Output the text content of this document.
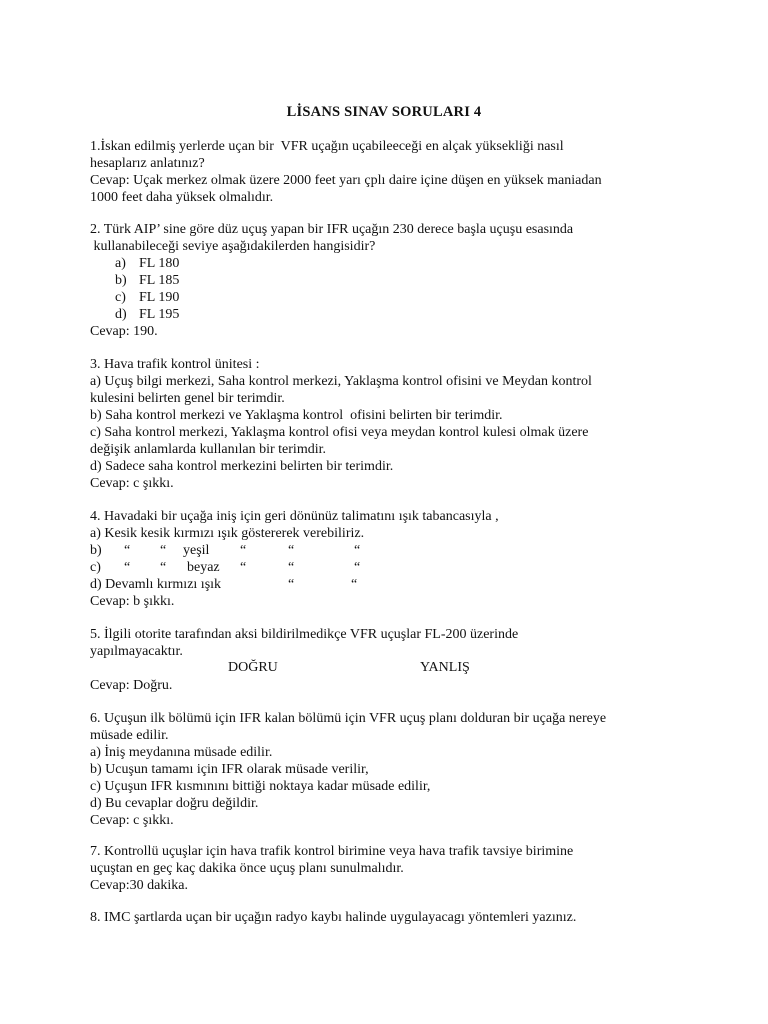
LİSANS SINAV SORULARI 4
1.İskan edilmiş yerlerde uçan bir  VFR uçağın uçabileeceği en alçak yüksekliği nasıl
hesaplarız anlatınız?
Cevap: Uçak merkez olmak üzere 2000 feet yarı çplı daire içine düşen en yüksek maniadan
1000 feet daha yüksek olmalıdır.
2. Türk AIP’ sine göre düz uçuş yapan bir IFR uçağın 230 derece başla uçuşu esasında
kullanabileceği seviye aşağıdakilerden hangisidir?
a) FL 180
b) FL 185
c) FL 190
d) FL 195
Cevap: 190.
3. Hava trafik kontrol ünitesi :
a) Uçuş bilgi merkezi, Saha kontrol merkezi, Yaklaşma kontrol ofisini ve Meydan kontrol
kulesini belirten genel bir terimdir.
b) Saha kontrol merkezi ve Yaklaşma kontrol  ofisini belirten bir terimdir.
c) Saha kontrol merkezi, Yaklaşma kontrol ofisi veya meydan kontrol kulesi olmak üzere
değişik anlamlarda kullanılan bir terimdir.
d) Sadece saha kontrol merkezini belirten bir terimdir.
Cevap: c şıkkı.
4. Havadaki bir uçağa iniş için geri dönünüz talimatını ışık tabancasıyla ,
a) Kesik kesik kırmızı ışık göstererek verebiliriz.
b) “ “ yeşil “	“	“
c) “ “ beyaz “	“	“
d) Devamlı kırmızı ışık	“	“
Cevap: b şıkkı.
5. İlgili otorite tarafından aksi bildirilmedikçe VFR uçuşlar FL-200 üzerinde
yapılmayacaktır.
DOĞRU	YANLIŞ
Cevap: Doğru.
6. Uçuşun ilk bölümü için IFR kalan bölümü için VFR uçuş planı dolduran bir uçağa nereye
müsade edilir.
a) İniş meydanına müsade edilir.
b) Ucuşun tamamı için IFR olarak müsade verilir,
c) Uçuşun IFR kısmınını bittiği noktaya kadar müsade edilir,
d) Bu cevaplar doğru değildir.
Cevap: c şıkkı.
7. Kontrollü uçuşlar için hava trafik kontrol birimine veya hava trafik tavsiye birimine
uçuştan en geç kaç dakika önce uçuş planı sunulmalıdır.
Cevap:30 dakika.
8. IMC şartlarda uçan bir uçağın radyo kaybı halinde uygulayacagı yöntemleri yazınız.
